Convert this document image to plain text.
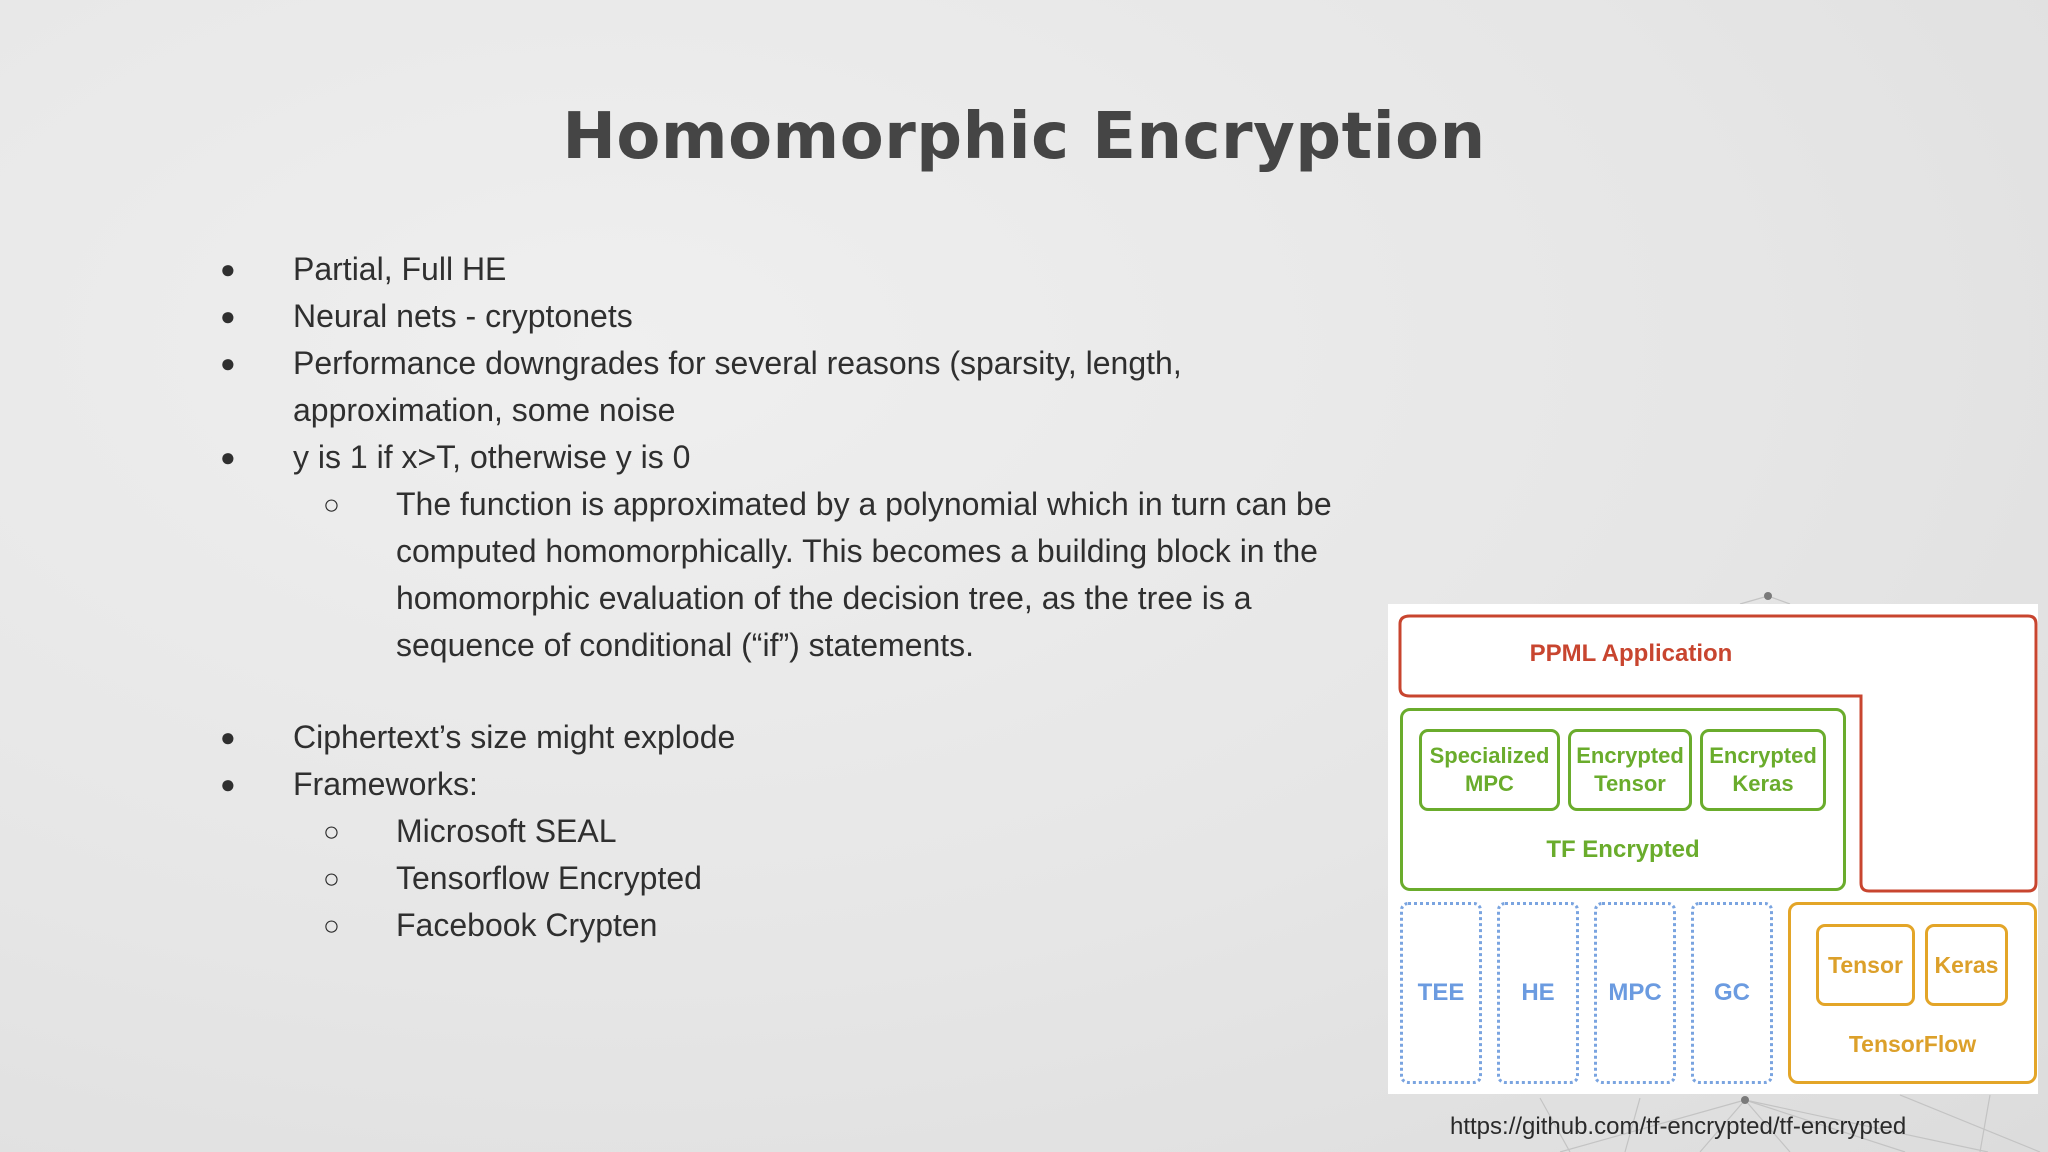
Homomorphic Encryption
● Partial, Full HE
● Neural nets - cryptonets
● Performance downgrades for several reasons (sparsity, length, approximation, some noise
● y is 1 if x>T, otherwise y is 0
○ The function is approximated by a polynomial which in turn can be computed homomorphically. This becomes a building block in the homomorphic evaluation of the decision tree, as the tree is a sequence of conditional (“if”) statements.
● Ciphertext’s size might explode
● Frameworks:
○ Microsoft SEAL
○ Tensorflow Encrypted
○ Facebook Crypten
PPML Application
Specialized
MPC
Encrypted
Tensor
Encrypted
Keras
TF Encrypted
TEE	HE	MPC	GC
Tensor	Keras
TensorFlow
https://github.com/tf-encrypted/tf-encrypted
